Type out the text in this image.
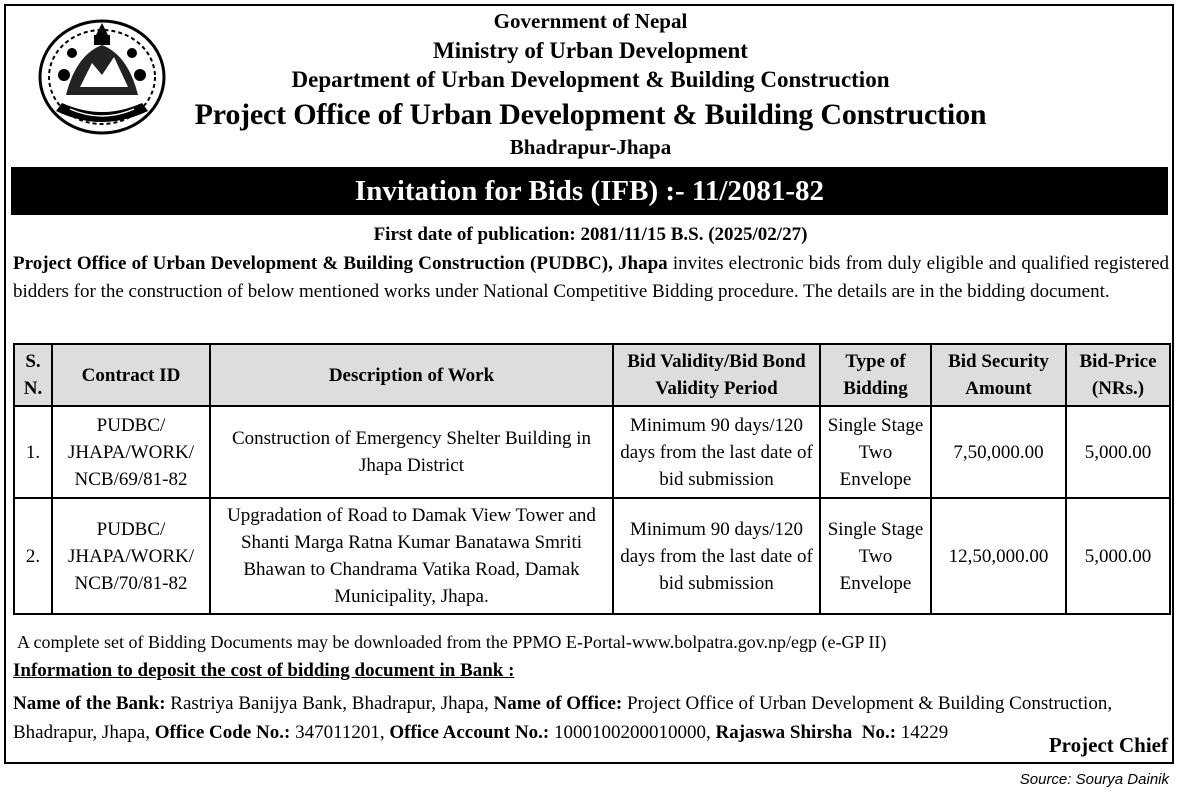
Government of Nepal
Ministry of Urban Development
Department of Urban Development & Building Construction
Project Office of Urban Development & Building Construction
Bhadrapur-Jhapa
Invitation for Bids (IFB) :- 11/2081-82
First date of publication: 2081/11/15 B.S. (2025/02/27)
Project Office of Urban Development & Building Construction (PUDBC), Jhapa invites electronic bids from duly eligible and qualified registered bidders for the construction of below mentioned works under National Competitive Bidding procedure. The details are in the bidding document.
S. N.	Contract ID	Description of Work	Bid Validity/Bid Bond Validity Period	Type of Bidding	Bid Security Amount	Bid-Price (NRs.)
1.	PUDBC/ JHAPA/WORK/ NCB/69/81-82	Construction of Emergency Shelter Building in Jhapa District	Minimum 90 days/120 days from the last date of bid submission	Single Stage Two Envelope	7,50,000.00	5,000.00
2.	PUDBC/ JHAPA/WORK/ NCB/70/81-82	Upgradation of Road to Damak View Tower and Shanti Marga Ratna Kumar Banatawa Smriti Bhawan to Chandrama Vatika Road, Damak Municipality, Jhapa.	Minimum 90 days/120 days from the last date of bid submission	Single Stage Two Envelope	12,50,000.00	5,000.00
A complete set of Bidding Documents may be downloaded from the PPMO E-Portal-www.bolpatra.gov.np/egp (e-GP II)
Information to deposit the cost of bidding document in Bank :
Name of the Bank: Rastriya Banijya Bank, Bhadrapur, Jhapa, Name of Office: Project Office of Urban Development & Building Construction, Bhadrapur, Jhapa, Office Code No.: 347011201, Office Account No.: 1000100200010000, Rajaswa Shirsha  No.: 14229
Project Chief
Source: Sourya Dainik
